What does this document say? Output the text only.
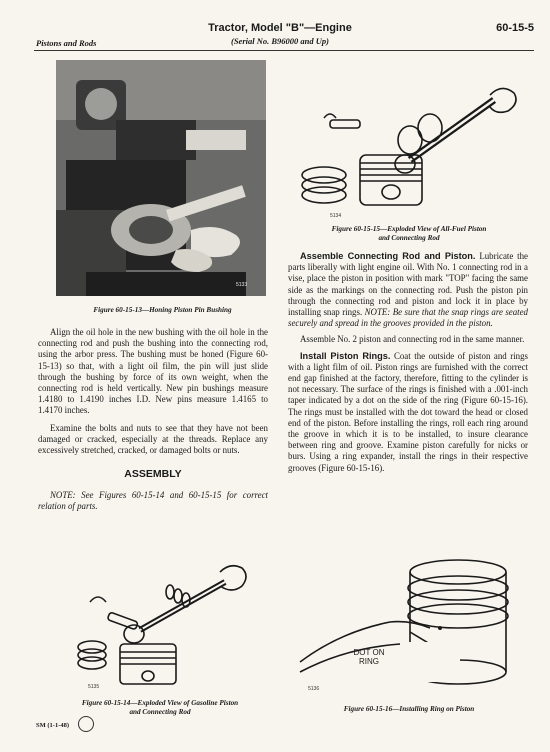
Pistons and Rods
Tractor, Model "B"—Engine
(Serial No. B96000 and Up)
60-15-5
5133
Figure 60-15-13—Honing Piston Pin Bushing

Align the oil hole in the new bushing with the oil hole in the connecting rod and push the bushing into the connecting rod, using the arbor press. The bushing must be honed (Figure 60-15-13) so that, with a light oil film, the pin will just slide through the bushing by force of its own weight, when the connecting rod is held vertically. New pin bushings measure 1.4180 to 1.4190 inches I.D. New pins measure 1.4165 to 1.4170 inches.

Examine the bolts and nuts to see that they have not been damaged or cracked, especially at the threads. Replace any excessively stretched, cracked, or damaged bolts or nuts.

ASSEMBLY

NOTE: See Figures 60-15-14 and 60-15-15 for correct relation of parts.

5135
Figure 60-15-14—Exploded View of Gasoline Piston
and Connecting Rod
SM (1-1-48)
5134
Figure 60-15-15—Exploded View of All-Fuel Piston
and Connecting Rod

Assemble Connecting Rod and Piston. Lubricate the parts liberally with light engine oil. With No. 1 connecting rod in a vise, place the piston in position with mark "TOP" facing the same side as the markings on the connecting rod. Push the piston pin through the connecting rod and piston and lock it in place by installing snap rings. NOTE: Be sure that the snap rings are seated securely and spread in the grooves provided in the piston.

Assemble No. 2 piston and connecting rod in the same manner.

Install Piston Rings. Coat the outside of piston and rings with a light film of oil. Piston rings are furnished with the correct end gap finished at the factory, therefore, fitting to the cylinder is not necessary. The surface of the rings is finished with a .001-inch taper indicated by a dot on the side of the ring (Figure 60-15-16). The rings must be installed with the dot toward the head or closed end of the piston. Before installing the rings, roll each ring around the groove in which it is to be installed, to insure clearance between ring and groove. Examine piston carefully for nicks or burs. Using a ring expander, install the rings in their respective grooves (Figure 60-15-16).

5136
DOT ON RING
Figure 60-15-16—Installing Ring on Piston
